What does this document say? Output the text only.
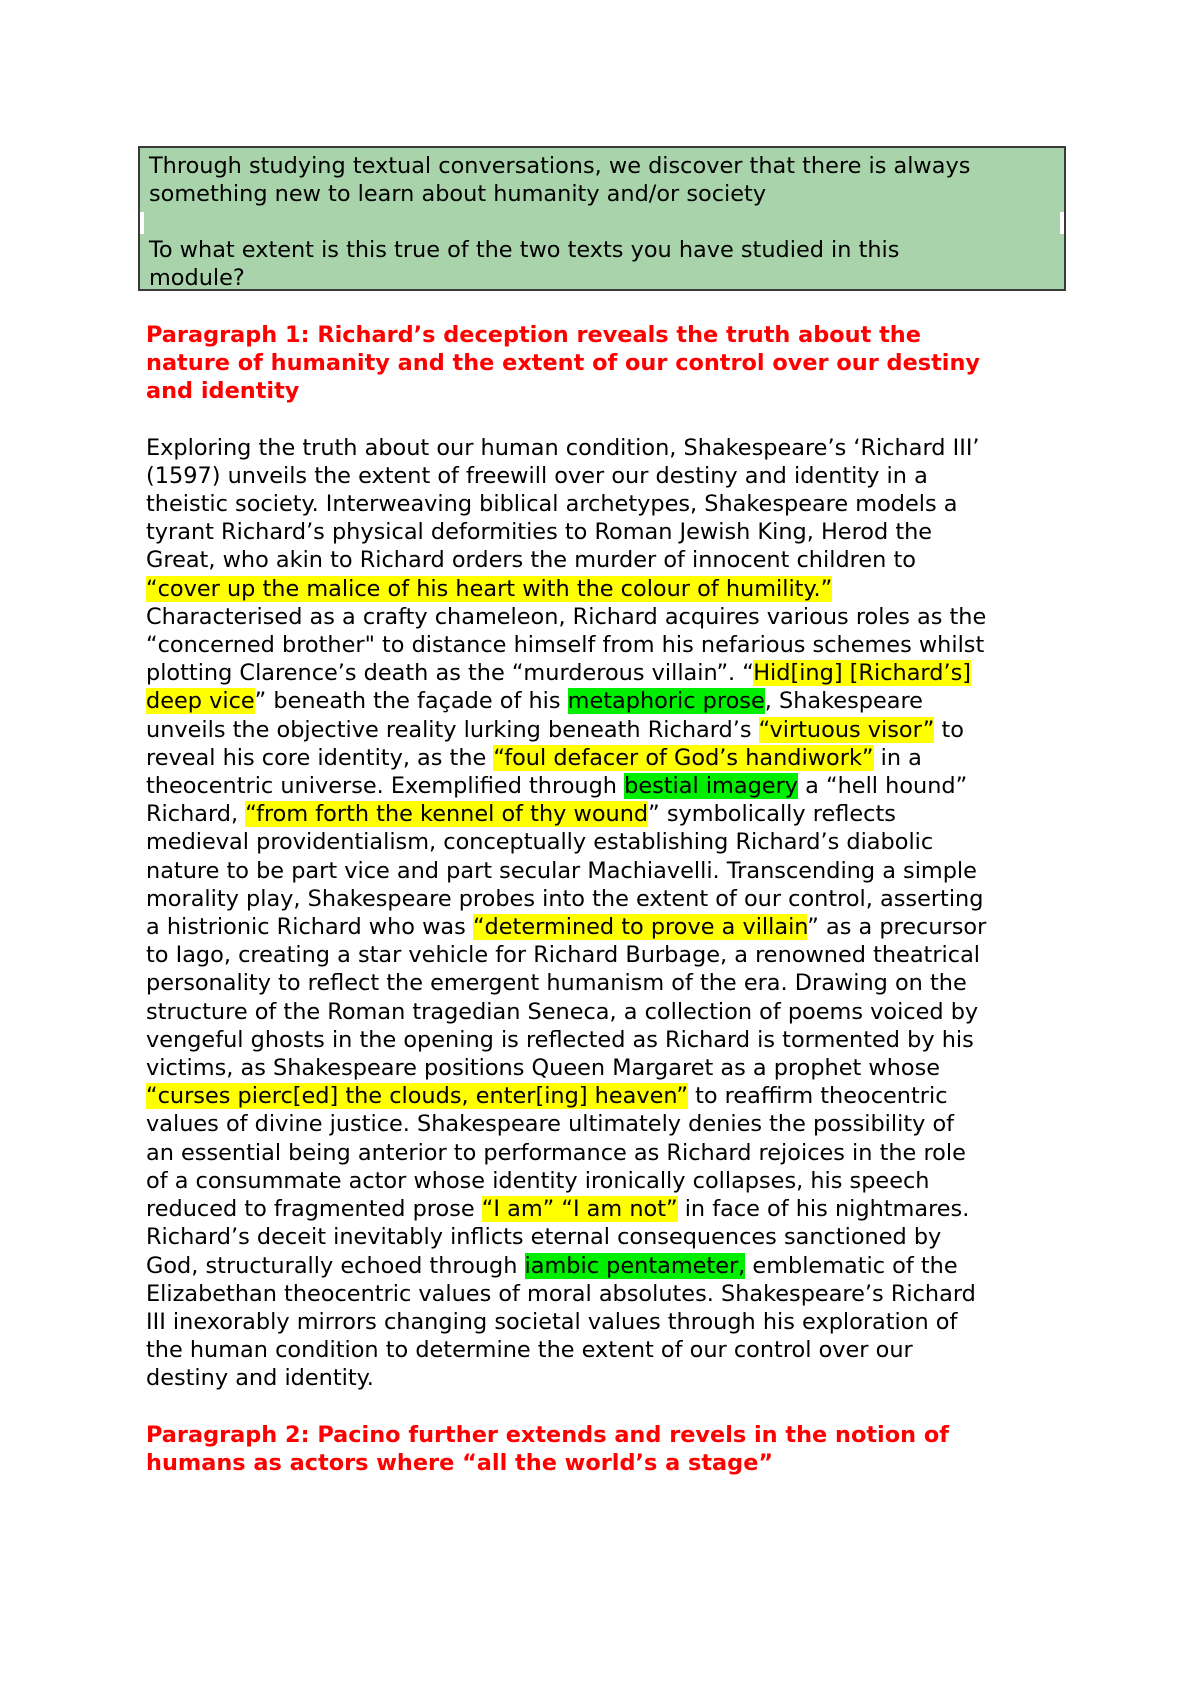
Through studying textual conversations, we discover that there is always

something new to learn about humanity and/or society

To what extent is this true of the two texts you have studied in this

module?

Paragraph 1: Richard’s deception reveals the truth about the
nature of humanity and the extent of our control over our destiny
and identity
Exploring the truth about our human condition, Shakespeare’s ‘Richard III’
(1597) unveils the extent of freewill over our destiny and identity in a
theistic society. Interweaving biblical archetypes, Shakespeare models a
tyrant Richard’s physical deformities to Roman Jewish King, Herod the
Great, who akin to Richard orders the murder of innocent children to
“cover up the malice of his heart with the colour of humility.”
Characterised as a crafty chameleon, Richard acquires various roles as the
“concerned brother" to distance himself from his nefarious schemes whilst
plotting Clarence’s death as the “murderous villain”. “Hid[ing] [Richard’s]
deep vice” beneath the façade of his metaphoric prose, Shakespeare
unveils the objective reality lurking beneath Richard’s “virtuous visor” to
reveal his core identity, as the “foul defacer of God’s handiwork” in a
theocentric universe. Exemplified through bestial imagery a “hell hound”
Richard, “from forth the kennel of thy wound” symbolically reflects
medieval providentialism, conceptually establishing Richard’s diabolic
nature to be part vice and part secular Machiavelli. Transcending a simple
morality play, Shakespeare probes into the extent of our control, asserting
a histrionic Richard who was “determined to prove a villain” as a precursor
to Iago, creating a star vehicle for Richard Burbage, a renowned theatrical
personality to reflect the emergent humanism of the era. Drawing on the
structure of the Roman tragedian Seneca, a collection of poems voiced by
vengeful ghosts in the opening is reflected as Richard is tormented by his
victims, as Shakespeare positions Queen Margaret as a prophet whose
“curses pierc[ed] the clouds, enter[ing] heaven” to reaffirm theocentric
values of divine justice. Shakespeare ultimately denies the possibility of
an essential being anterior to performance as Richard rejoices in the role
of a consummate actor whose identity ironically collapses, his speech
reduced to fragmented prose “I am” “I am not” in face of his nightmares.
Richard’s deceit inevitably inflicts eternal consequences sanctioned by
God, structurally echoed through iambic pentameter, emblematic of the
Elizabethan theocentric values of moral absolutes. Shakespeare’s Richard
III inexorably mirrors changing societal values through his exploration of
the human condition to determine the extent of our control over our
destiny and identity.
Paragraph 2: Pacino further extends and revels in the notion of
humans as actors where “all the world’s a stage”
